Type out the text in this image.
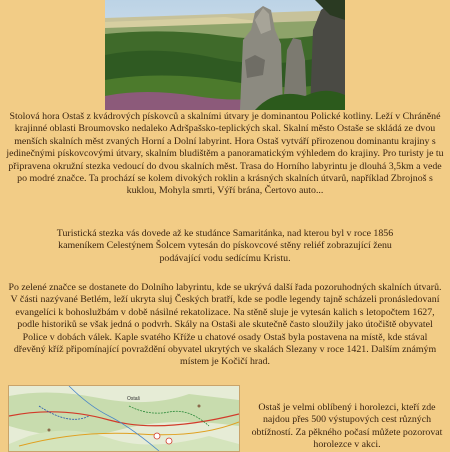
Stolová hora Ostaš z kvádrových pískovců a skalními útvary je dominantou Polické kotliny. Leží v Chráněné krajinné oblasti Broumovsko nedaleko Adršpašsko-teplických skal. Skalní město Ostaše se skládá ze dvou menších skalních měst zvaných Horní a Dolní labyrint. Hora Ostaš vytváří přirozenou dominantu krajiny s jedinečnými pískovcovými útvary, skalním bludištěm a panoramatickým výhledem do krajiny. Pro turisty je tu připravena okružní stezka vedoucí do dvou skalních měst. Trasa do Horního labyrintu je dlouhá 3,5km a vede po modré značce. Ta prochází se kolem divokých roklin a krásných skalních útvarů, například Zbrojnoš s kuklou, Mohyla smrti, Výří brána, Čertovo auto...

Turistická stezka vás dovede až ke studánce Samaritánka, nad kterou byl v roce 1856 kameníkem Celestýnem Šolcem vytesán do pískovcové stěny reliéf zobrazující ženu podávající vodu sedícímu Kristu.

Po zelené značce se dostanete do Dolního labyrintu, kde se ukrývá další řada pozoruhodných skalních útvarů. V části nazývané Betlém, leží ukryta sluj Českých bratří, kde se podle legendy tajně scházeli pronásledovaní evangelíci k bohoslužbám v době násilné rekatolizace. Na stěně sluje je vytesán kalich s letopočtem 1627, podle historiků se však jedná o podvrh. Skály na Ostaši ale skutečně často sloužily jako útočiště obyvatel Police v dobách válek. Kaple svatého Kříže u chatové osady Ostaš byla postavena na místě, kde stával dřevěný kříž připomínající povraždění obyvatel ukrytých ve skalách Slezany v roce 1421. Dalším známým místem je Kočičí hrad.

Ostaš

Ostaš je velmi oblíbený i horolezci, kteří zde najdou přes 500 výstupových cest různých obtížností. Za pěkného počasí můžete pozorovat horolezce v akci.
